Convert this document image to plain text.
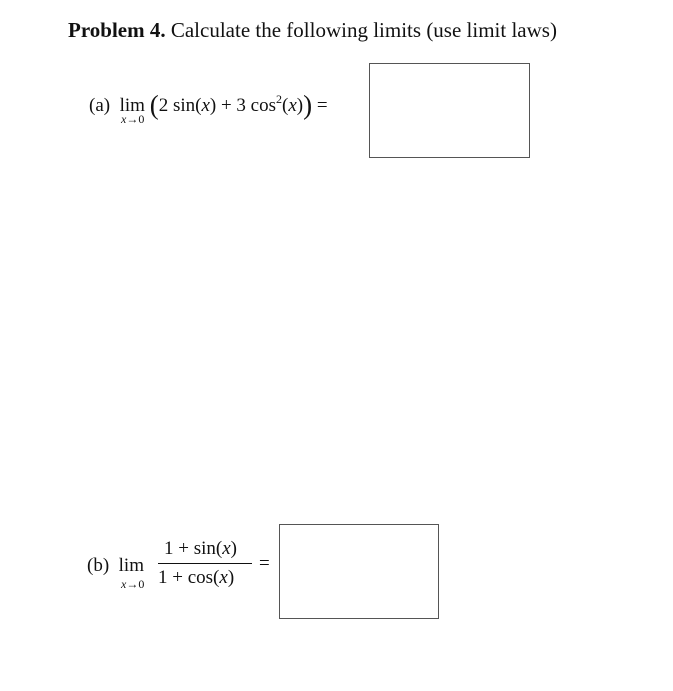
Problem 4. Calculate the following limits (use limit laws)
(a) lim (2 sin(x) + 3 $\cos^2(x)$) =
x→0
(b) lim
x→0
1 + sin(x)
1 + cos(x)
=
